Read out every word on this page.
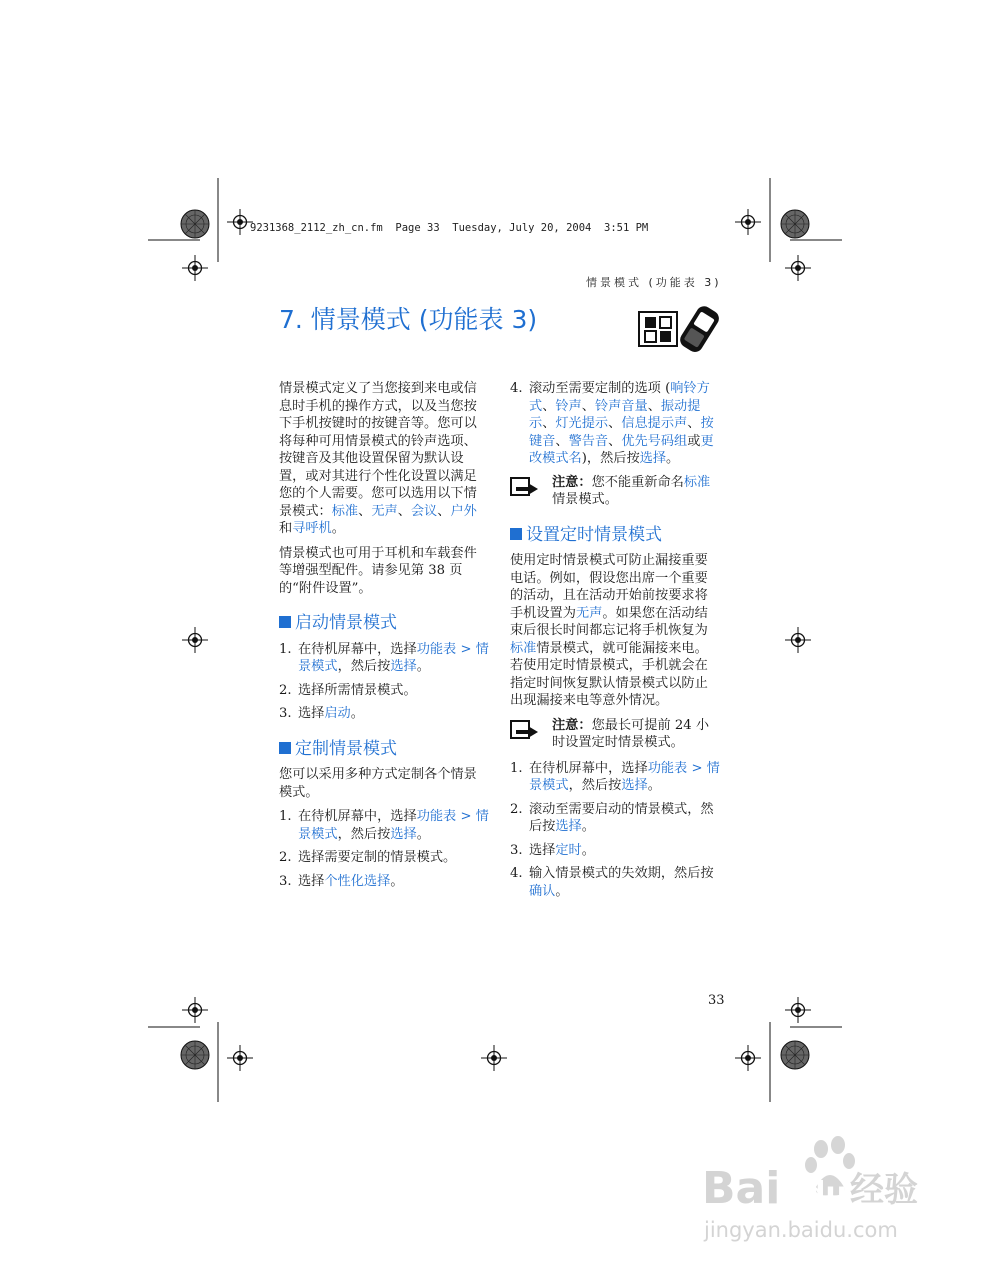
9231368_2112_zh_cn.fm  Page 33  Tuesday, July 20, 2004  3:51 PM
情景模式 (功能表 3)
7. 情景模式 (功能表 3)

情景模式定义了当您接到来电或信息时手机的操作方式，以及当您按下手机按键时的按键音等。您可以将每种可用情景模式的铃声选项、按键音及其他设置保留为默认设置，或对其进行个性化设置以满足您的个人需要。您可以选用以下情景模式：标准、无声、会议、户外和寻呼机。

情景模式也可用于耳机和车载套件等增强型配件。请参见第 38 页的“附件设置”。

启动情景模式
1. 在待机屏幕中，选择功能表 > 情景模式，然后按选择。
2. 选择所需情景模式。
3. 选择启动。
定制情景模式

您可以采用多种方式定制各个情景模式。

1. 在待机屏幕中，选择功能表 > 情景模式，然后按选择。
2. 选择需要定制的情景模式。
3. 选择个性化选择。
4. 滚动至需要定制的选项 (响铃方式、铃声、铃声音量、振动提示、灯光提示、信息提示声、按键音、警告音、优先号码组或更改模式名)，然后按选择。
注意：您不能重新命名标准情景模式。
设置定时情景模式

使用定时情景模式可防止漏接重要电话。例如，假设您出席一个重要的活动，且在活动开始前按要求将手机设置为无声。如果您在活动结束后很长时间都忘记将手机恢复为标准情景模式，就可能漏接来电。若使用定时情景模式，手机就会在指定时间恢复默认情景模式以防止出现漏接来电等意外情况。

注意：您最长可提前 24 小时设置定时情景模式。
1. 在待机屏幕中，选择功能表 > 情景模式，然后按选择。
2. 滚动至需要启动的情景模式，然后按选择。
3. 选择定时。
4. 输入情景模式的失效期，然后按确认。
33
Bai du 经验
jingyan.baidu.com
